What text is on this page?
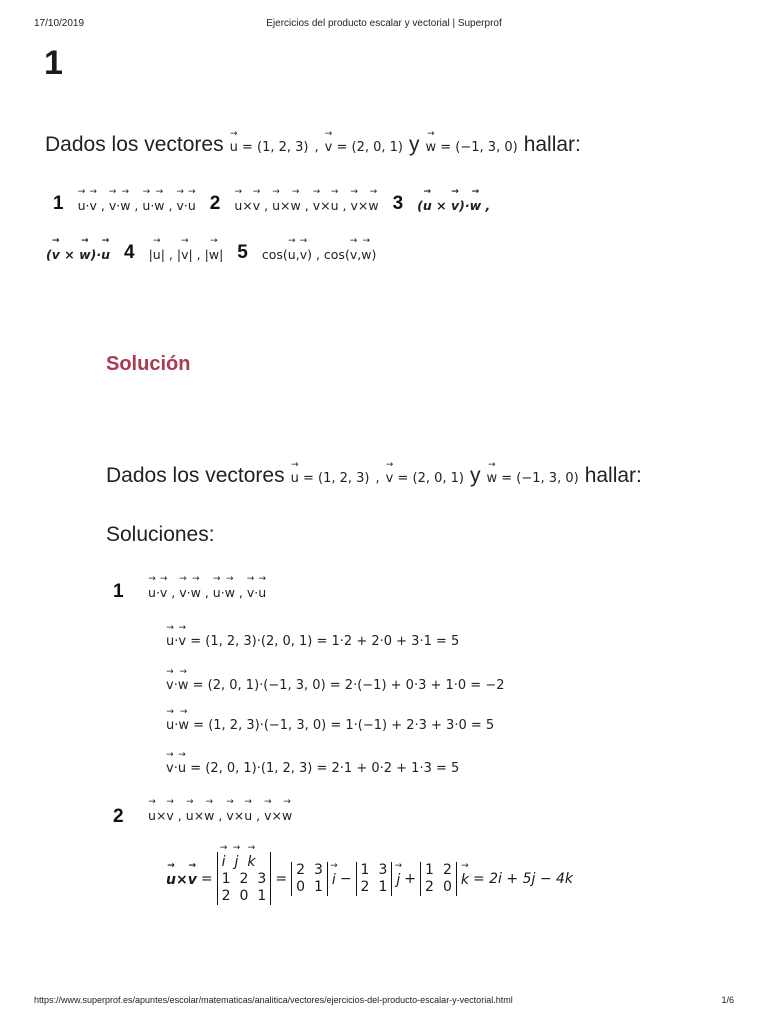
17/10/2019	Ejercicios del producto escalar y vectorial | Superprof
1
Dados los vectores → u = (1, 2, 3) , → v = (2, 0, 1) y → w = (−1, 3, 0) hallar:
1 → u·→ v , → v·→ w , → u·→ w , → v·→ u 2 → u×→ v , → u×→ w , → v×→ u , → v×→ w 3 (→ u × → v)·→ w ,
(→ v × → w)·→ u 4 |→ u| , |→ v| , |→ w| 5 cos(→ u,→ v) , cos(→ v,→ w)
Solución
Dados los vectores → u = (1, 2, 3) , → v = (2, 0, 1) y → w = (−1, 3, 0) hallar:
Soluciones:
1 → u·→ v , → v·→ w , → u·→ w , → v·→ u
→ u·→ v = (1, 2, 3)·(2, 0, 1) = 1·2 + 2·0 + 3·1 = 5
→ v·→ w = (2, 0, 1)·(−1, 3, 0) = 2·(−1) + 0·3 + 1·0 = −2
→ u·→ w = (1, 2, 3)·(−1, 3, 0) = 1·(−1) + 2·3 + 3·0 = 5
→ v·→ u = (2, 0, 1)·(1, 2, 3) = 2·1 + 0·2 + 1·3 = 5
2 → u×→ v , → u×→ w , → v×→ u , → v×→ w
→ u×→ v =
→ i → j → k
1 2 3
2 0 1
=
2 3
0 1 → i −
1 3
2 1 → j +
1 2
2 0 → k = 2i + 5j − 4k
https://www.superprof.es/apuntes/escolar/matematicas/analitica/vectores/ejercicios-del-producto-escalar-y-vectorial.html	1/6
